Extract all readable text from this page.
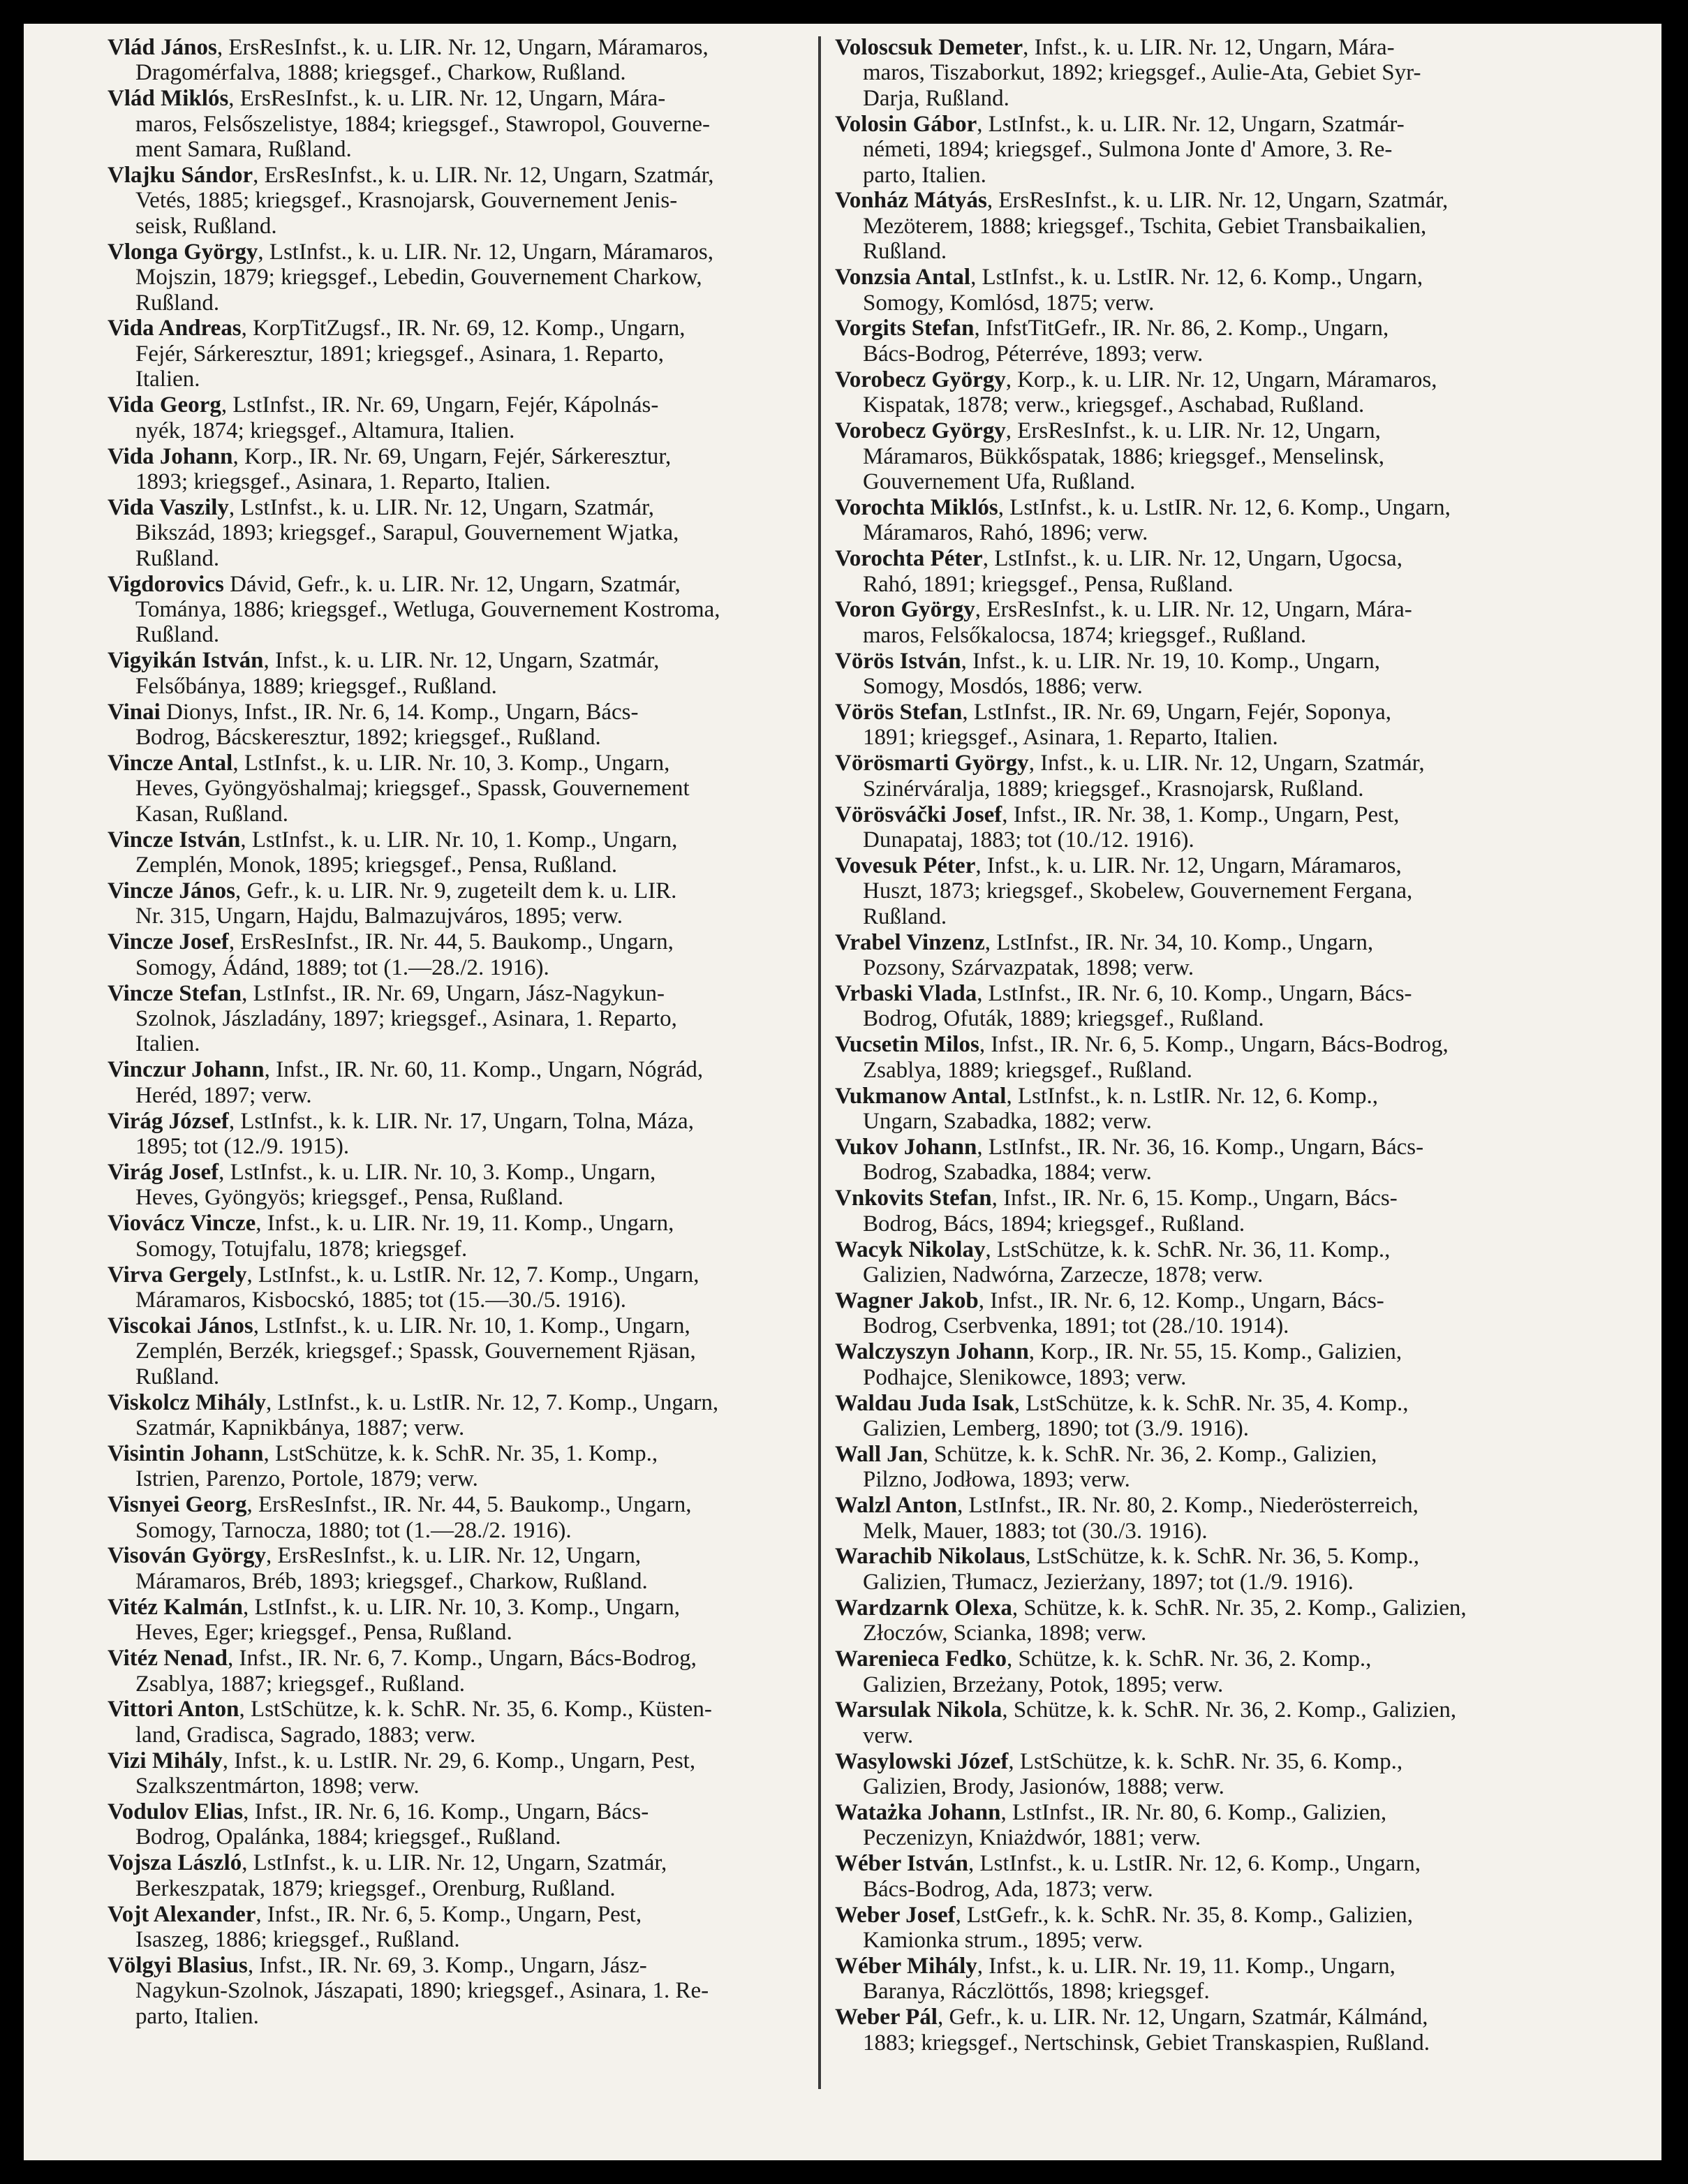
Vlád János, ErsResInfst., k. u. LIR. Nr. 12, Ungarn, Máramaros,
Dragomérfalva, 1888; kriegsgef., Charkow, Rußland.
Vlád Miklós, ErsResInfst., k. u. LIR. Nr. 12, Ungarn, Mára-
maros, Felsőszelistye, 1884; kriegsgef., Stawropol, Gouverne-
ment Samara, Rußland.
Vlajku Sándor, ErsResInfst., k. u. LIR. Nr. 12, Ungarn, Szatmár,
Vetés, 1885; kriegsgef., Krasnojarsk, Gouvernement Jenis-
seisk, Rußland.
Vlonga György, LstInfst., k. u. LIR. Nr. 12, Ungarn, Máramaros,
Mojszin, 1879; kriegsgef., Lebedin, Gouvernement Charkow,
Rußland.
Vida Andreas, KorpTitZugsf., IR. Nr. 69, 12. Komp., Ungarn,
Fejér, Sárkeresztur, 1891; kriegsgef., Asinara, 1. Reparto,
Italien.
Vida Georg, LstInfst., IR. Nr. 69, Ungarn, Fejér, Kápolnás-
nyék, 1874; kriegsgef., Altamura, Italien.
Vida Johann, Korp., IR. Nr. 69, Ungarn, Fejér, Sárkeresztur,
1893; kriegsgef., Asinara, 1. Reparto, Italien.
Vida Vaszily, LstInfst., k. u. LIR. Nr. 12, Ungarn, Szatmár,
Bikszád, 1893; kriegsgef., Sarapul, Gouvernement Wjatka,
Rußland.
Vigdorovics Dávid, Gefr., k. u. LIR. Nr. 12, Ungarn, Szatmár,
Tománya, 1886; kriegsgef., Wetluga, Gouvernement Kostroma,
Rußland.
Vigyikán István, Infst., k. u. LIR. Nr. 12, Ungarn, Szatmár,
Felsőbánya, 1889; kriegsgef., Rußland.
Vinai Dionys, Infst., IR. Nr. 6, 14. Komp., Ungarn, Bács-
Bodrog, Bácskeresztur, 1892; kriegsgef., Rußland.
Vincze Antal, LstInfst., k. u. LIR. Nr. 10, 3. Komp., Ungarn,
Heves, Gyöngyöshalmaj; kriegsgef., Spassk, Gouvernement
Kasan, Rußland.
Vincze István, LstInfst., k. u. LIR. Nr. 10, 1. Komp., Ungarn,
Zemplén, Monok, 1895; kriegsgef., Pensa, Rußland.
Vincze János, Gefr., k. u. LIR. Nr. 9, zugeteilt dem k. u. LIR.
Nr. 315, Ungarn, Hajdu, Balmazujváros, 1895; verw.
Vincze Josef, ErsResInfst., IR. Nr. 44, 5. Baukomp., Ungarn,
Somogy, Ádánd, 1889; tot (1.—28./2. 1916).
Vincze Stefan, LstInfst., IR. Nr. 69, Ungarn, Jász-Nagykun-
Szolnok, Jászladány, 1897; kriegsgef., Asinara, 1. Reparto,
Italien.
Vinczur Johann, Infst., IR. Nr. 60, 11. Komp., Ungarn, Nógrád,
Heréd, 1897; verw.
Virág József, LstInfst., k. k. LIR. Nr. 17, Ungarn, Tolna, Máza,
1895; tot (12./9. 1915).
Virág Josef, LstInfst., k. u. LIR. Nr. 10, 3. Komp., Ungarn,
Heves, Gyöngyös; kriegsgef., Pensa, Rußland.
Viovácz Vincze, Infst., k. u. LIR. Nr. 19, 11. Komp., Ungarn,
Somogy, Totujfalu, 1878; kriegsgef.
Virva Gergely, LstInfst., k. u. LstIR. Nr. 12, 7. Komp., Ungarn,
Máramaros, Kisbocskó, 1885; tot (15.—30./5. 1916).
Viscokai János, LstInfst., k. u. LIR. Nr. 10, 1. Komp., Ungarn,
Zemplén, Berzék, kriegsgef.; Spassk, Gouvernement Rjäsan,
Rußland.
Viskolcz Mihály, LstInfst., k. u. LstIR. Nr. 12, 7. Komp., Ungarn,
Szatmár, Kapnikbánya, 1887; verw.
Visintin Johann, LstSchütze, k. k. SchR. Nr. 35, 1. Komp.,
Istrien, Parenzo, Portole, 1879; verw.
Visnyei Georg, ErsResInfst., IR. Nr. 44, 5. Baukomp., Ungarn,
Somogy, Tarnocza, 1880; tot (1.—28./2. 1916).
Visován György, ErsResInfst., k. u. LIR. Nr. 12, Ungarn,
Máramaros, Bréb, 1893; kriegsgef., Charkow, Rußland.
Vitéz Kalmán, LstInfst., k. u. LIR. Nr. 10, 3. Komp., Ungarn,
Heves, Eger; kriegsgef., Pensa, Rußland.
Vitéz Nenad, Infst., IR. Nr. 6, 7. Komp., Ungarn, Bács-Bodrog,
Zsablya, 1887; kriegsgef., Rußland.
Vittori Anton, LstSchütze, k. k. SchR. Nr. 35, 6. Komp., Küsten-
land, Gradisca, Sagrado, 1883; verw.
Vizi Mihály, Infst., k. u. LstIR. Nr. 29, 6. Komp., Ungarn, Pest,
Szalkszentmárton, 1898; verw.
Vodulov Elias, Infst., IR. Nr. 6, 16. Komp., Ungarn, Bács-
Bodrog, Opalánka, 1884; kriegsgef., Rußland.
Vojsza László, LstInfst., k. u. LIR. Nr. 12, Ungarn, Szatmár,
Berkeszpatak, 1879; kriegsgef., Orenburg, Rußland.
Vojt Alexander, Infst., IR. Nr. 6, 5. Komp., Ungarn, Pest,
Isaszeg, 1886; kriegsgef., Rußland.
Völgyi Blasius, Infst., IR. Nr. 69, 3. Komp., Ungarn, Jász-
Nagykun-Szolnok, Jászapati, 1890; kriegsgef., Asinara, 1. Re-
parto, Italien.
Voloscsuk Demeter, Infst., k. u. LIR. Nr. 12, Ungarn, Mára-
maros, Tiszaborkut, 1892; kriegsgef., Aulie-Ata, Gebiet Syr-
Darja, Rußland.
Volosin Gábor, LstInfst., k. u. LIR. Nr. 12, Ungarn, Szatmár-
németi, 1894; kriegsgef., Sulmona Jonte d' Amore, 3. Re-
parto, Italien.
Vonház Mátyás, ErsResInfst., k. u. LIR. Nr. 12, Ungarn, Szatmár,
Mezöterem, 1888; kriegsgef., Tschita, Gebiet Transbaikalien,
Rußland.
Vonzsia Antal, LstInfst., k. u. LstIR. Nr. 12, 6. Komp., Ungarn,
Somogy, Komlósd, 1875; verw.
Vorgits Stefan, InfstTitGefr., IR. Nr. 86, 2. Komp., Ungarn,
Bács-Bodrog, Péterréve, 1893; verw.
Vorobecz György, Korp., k. u. LIR. Nr. 12, Ungarn, Máramaros,
Kispatak, 1878; verw., kriegsgef., Aschabad, Rußland.
Vorobecz György, ErsResInfst., k. u. LIR. Nr. 12, Ungarn,
Máramaros, Bükkőspatak, 1886; kriegsgef., Menselinsk,
Gouvernement Ufa, Rußland.
Vorochta Miklós, LstInfst., k. u. LstIR. Nr. 12, 6. Komp., Ungarn,
Máramaros, Rahó, 1896; verw.
Vorochta Péter, LstInfst., k. u. LIR. Nr. 12, Ungarn, Ugocsa,
Rahó, 1891; kriegsgef., Pensa, Rußland.
Voron György, ErsResInfst., k. u. LIR. Nr. 12, Ungarn, Mára-
maros, Felsőkalocsa, 1874; kriegsgef., Rußland.
Vörös István, Infst., k. u. LIR. Nr. 19, 10. Komp., Ungarn,
Somogy, Mosdós, 1886; verw.
Vörös Stefan, LstInfst., IR. Nr. 69, Ungarn, Fejér, Soponya,
1891; kriegsgef., Asinara, 1. Reparto, Italien.
Vörösmarti György, Infst., k. u. LIR. Nr. 12, Ungarn, Szatmár,
Szinérváralja, 1889; kriegsgef., Krasnojarsk, Rußland.
Vörösváčki Josef, Infst., IR. Nr. 38, 1. Komp., Ungarn, Pest,
Dunapataj, 1883; tot (10./12. 1916).
Vovesuk Péter, Infst., k. u. LIR. Nr. 12, Ungarn, Máramaros,
Huszt, 1873; kriegsgef., Skobelew, Gouvernement Fergana,
Rußland.
Vrabel Vinzenz, LstInfst., IR. Nr. 34, 10. Komp., Ungarn,
Pozsony, Szárvazpatak, 1898; verw.
Vrbaski Vlada, LstInfst., IR. Nr. 6, 10. Komp., Ungarn, Bács-
Bodrog, Ofuták, 1889; kriegsgef., Rußland.
Vucsetin Milos, Infst., IR. Nr. 6, 5. Komp., Ungarn, Bács-Bodrog,
Zsablya, 1889; kriegsgef., Rußland.
Vukmanow Antal, LstInfst., k. n. LstIR. Nr. 12, 6. Komp.,
Ungarn, Szabadka, 1882; verw.
Vukov Johann, LstInfst., IR. Nr. 36, 16. Komp., Ungarn, Bács-
Bodrog, Szabadka, 1884; verw.
Vnkovits Stefan, Infst., IR. Nr. 6, 15. Komp., Ungarn, Bács-
Bodrog, Bács, 1894; kriegsgef., Rußland.
Wacyk Nikolay, LstSchütze, k. k. SchR. Nr. 36, 11. Komp.,
Galizien, Nadwórna, Zarzecze, 1878; verw.
Wagner Jakob, Infst., IR. Nr. 6, 12. Komp., Ungarn, Bács-
Bodrog, Cserbvenka, 1891; tot (28./10. 1914).
Walczyszyn Johann, Korp., IR. Nr. 55, 15. Komp., Galizien,
Podhajce, Slenikowce, 1893; verw.
Waldau Juda Isak, LstSchütze, k. k. SchR. Nr. 35, 4. Komp.,
Galizien, Lemberg, 1890; tot (3./9. 1916).
Wall Jan, Schütze, k. k. SchR. Nr. 36, 2. Komp., Galizien,
Pilzno, Jodłowa, 1893; verw.
Walzl Anton, LstInfst., IR. Nr. 80, 2. Komp., Niederösterreich,
Melk, Mauer, 1883; tot (30./3. 1916).
Warachib Nikolaus, LstSchütze, k. k. SchR. Nr. 36, 5. Komp.,
Galizien, Tłumacz, Jezierżany, 1897; tot (1./9. 1916).
Wardzarnk Olexa, Schütze, k. k. SchR. Nr. 35, 2. Komp., Galizien,
Złoczów, Scianka, 1898; verw.
Warenieca Fedko, Schütze, k. k. SchR. Nr. 36, 2. Komp.,
Galizien, Brzeżany, Potok, 1895; verw.
Warsulak Nikola, Schütze, k. k. SchR. Nr. 36, 2. Komp., Galizien,
verw.
Wasylowski Józef, LstSchütze, k. k. SchR. Nr. 35, 6. Komp.,
Galizien, Brody, Jasionów, 1888; verw.
Watażka Johann, LstInfst., IR. Nr. 80, 6. Komp., Galizien,
Peczenizyn, Kniażdwór, 1881; verw.
Wéber István, LstInfst., k. u. LstIR. Nr. 12, 6. Komp., Ungarn,
Bács-Bodrog, Ada, 1873; verw.
Weber Josef, LstGefr., k. k. SchR. Nr. 35, 8. Komp., Galizien,
Kamionka strum., 1895; verw.
Wéber Mihály, Infst., k. u. LIR. Nr. 19, 11. Komp., Ungarn,
Baranya, Ráczlöttős, 1898; kriegsgef.
Weber Pál, Gefr., k. u. LIR. Nr. 12, Ungarn, Szatmár, Kálmánd,
1883; kriegsgef., Nertschinsk, Gebiet Transkaspien, Rußland.
